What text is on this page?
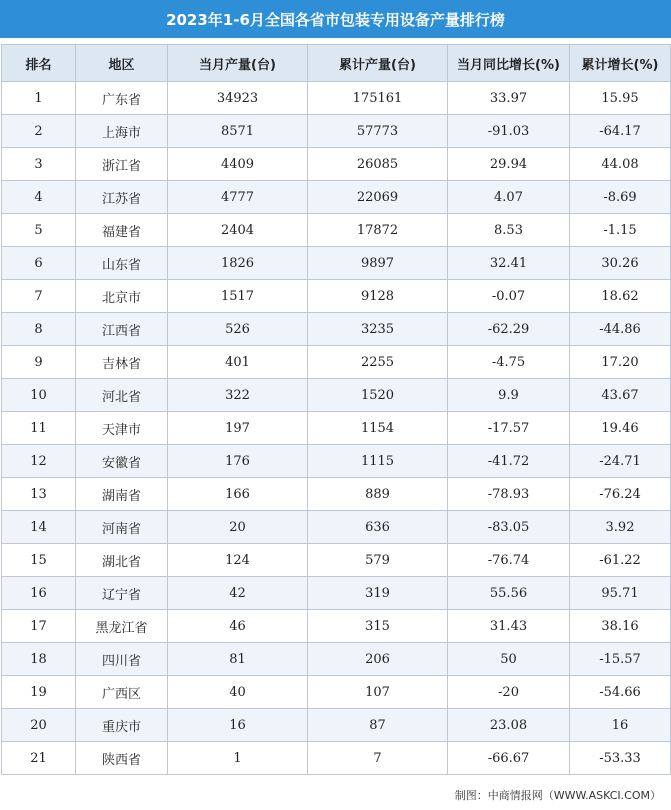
2023年1-6月全国各省市包装专用设备产量排行榜
排名	地区	当月产量(台)	累计产量(台)	当月同比增长(%)	累计增长(%)
1	广东省	34923	175161	33.97	15.95
2	上海市	8571	57773	-91.03	-64.17
3	浙江省	4409	26085	29.94	44.08
4	江苏省	4777	22069	4.07	-8.69
5	福建省	2404	17872	8.53	-1.15
6	山东省	1826	9897	32.41	30.26
7	北京市	1517	9128	-0.07	18.62
8	江西省	526	3235	-62.29	-44.86
9	吉林省	401	2255	-4.75	17.20
10	河北省	322	1520	9.9	43.67
11	天津市	197	1154	-17.57	19.46
12	安徽省	176	1115	-41.72	-24.71
13	湖南省	166	889	-78.93	-76.24
14	河南省	20	636	-83.05	3.92
15	湖北省	124	579	-76.74	-61.22
16	辽宁省	42	319	55.56	95.71
17	黑龙江省	46	315	31.43	38.16
18	四川省	81	206	50	-15.57
19	广西区	40	107	-20	-54.66
20	重庆市	16	87	23.08	16
21	陕西省	1	7	-66.67	-53.33
制图：中商情报网（WWW.ASKCI.COM）
